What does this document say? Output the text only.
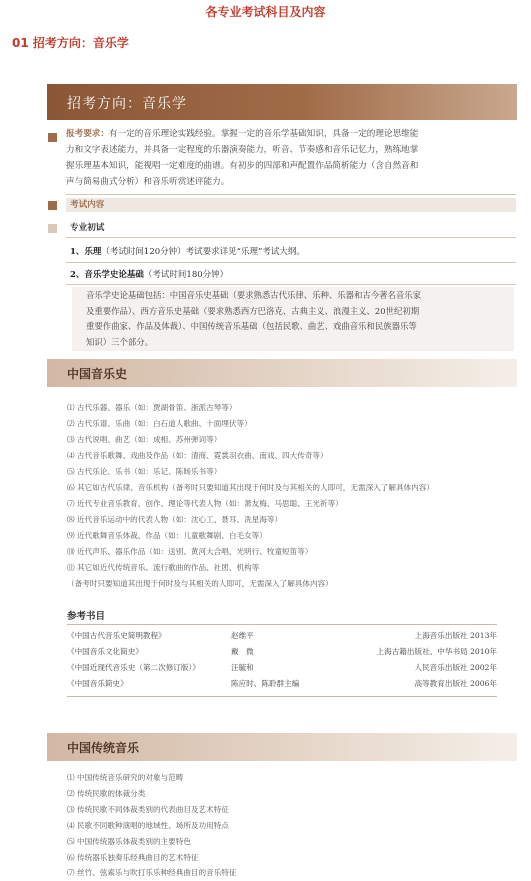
各专业考试科目及内容
01 招考方向：音乐学
招考方向：音乐学
报考要求：有一定的音乐理论实践经验。掌握一定的音乐学基础知识，具备一定的理论思维能
力和文字表述能力，并具备一定程度的乐器演奏能力，听音、节奏感和音乐记忆力，熟练地掌
握乐理基本知识，能视唱一定难度的曲谱。有初步的四部和声配置作品简析能力（含自然音和
声与简易曲式分析）和音乐听赏述评能力。
考试内容
专业初试
1、乐理（考试时间120分钟）考试要求详见“乐理”考试大纲。
2、音乐学史论基础（考试时间180分钟）
音乐学史论基础包括：中国音乐史基础（要求熟悉古代乐律、乐种、乐器和古今著名音乐家
及重要作品）、西方音乐史基础（要求熟悉西方巴洛克、古典主义、浪漫主义、20世纪初期
重要作曲家、作品及体裁）、中国传统音乐基础（包括民歌、曲艺、戏曲音乐和民族器乐等
知识）三个部分。
中国音乐史
⑴ 古代乐器、器乐（如：贾湖骨笛、浙派古琴等）
⑵ 古代乐谱、乐曲（如：白石道人歌曲、十面埋伏等）
⑶ 古代说唱、曲艺（如：成相、苏州弹词等）
⑷ 古代音乐歌舞、戏曲及作品（如：清商、霓裳羽衣曲、南戏、四大传奇等）
⑸ 古代乐论、乐书（如：乐记、陈旸乐书等）
⑹ 其它如古代乐律、音乐机构（备考时只要知道其出现于何时及与其相关的人即可，无需深入了解具体内容）
⑺ 近代专业音乐教育、创作、理论等代表人物（如：萧友梅、马思聪、王光祈等）
⑻ 近代音乐运动中的代表人物（如：沈心工、聂耳、冼星海等）
⑼ 近代歌舞音乐体裁、作品（如：儿童歌舞剧、白毛女等）
⑽ 近代声乐、器乐作品（如：送别、黄河大合唱、光明行、牧童短笛等）
⑾ 其它如近代传统音乐、流行歌曲的作品、社团、机构等
（备考时只要知道其出现于何时及与其相关的人即可，无需深入了解具体内容）
参考书目
《中国古代音乐史简明教程》	赵维平	上海音乐出版社 2013年
《中国音乐文化简史》	戴　微	上海古籍出版社、中华书局 2010年
《中国近现代音乐史（第二次修订版）》	汪毓和	人民音乐出版社 2002年
《中国音乐简史》	陈应时、陈聆群主编	高等教育出版社 2006年
中国传统音乐
⑴ 中国传统音乐研究的对象与范畴
⑵ 传统民歌的体裁分类
⑶ 传统民歌不同体裁类别的代表曲目及艺术特征
⑷ 民歌不同歌种演唱的地域性、场所及功用特点
⑸ 中国传统器乐体裁类别的主要特色
⑹ 传统器乐独奏乐经典曲目的艺术特征
⑺ 丝竹、弦索乐与吹打乐乐种经典曲目的音乐特征
